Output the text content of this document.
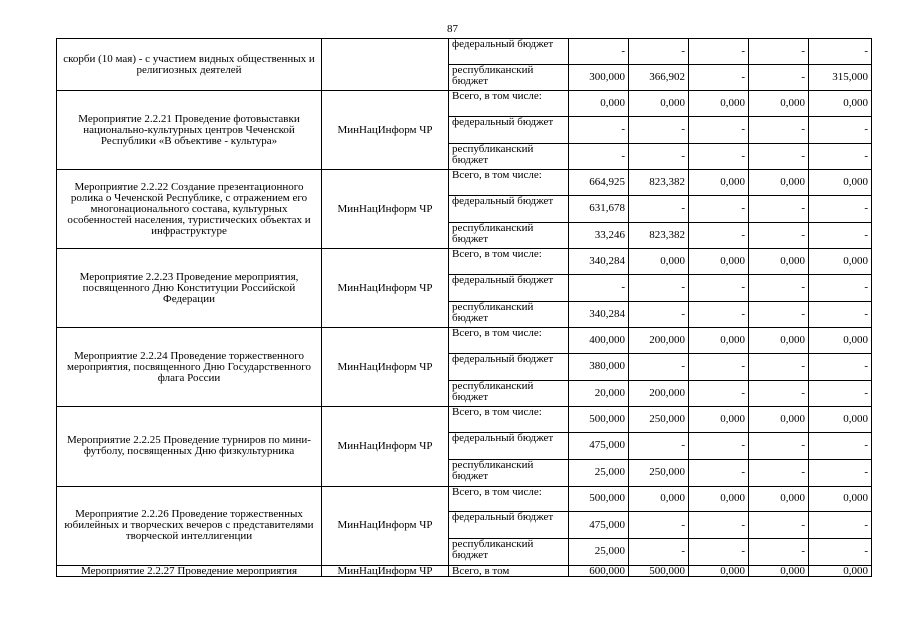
87
скорби (10 мая) - с участием видных общественных и религиозных деятелей		федеральный бюджет	-	-	-	-	-
		республиканский бюджет	300,000	366,902	-	-	315,000
Мероприятие 2.2.21 Проведение фотовыставки национально-культурных центров Чеченской Республики «В объективе - культура»	МинНацИнформ ЧР	Всего, в том числе:	0,000	0,000	0,000	0,000	0,000
		федеральный бюджет	-	-	-	-	-
		республиканский бюджет	-	-	-	-	-
Мероприятие 2.2.22 Создание презентационного ролика о Чеченской Республике, с отражением его многонационального состава, культурных особенностей населения, туристических объектах и инфраструктуре	МинНацИнформ ЧР	Всего, в том числе:	664,925	823,382	0,000	0,000	0,000
		федеральный бюджет	631,678	-	-	-	-
		республиканский бюджет	33,246	823,382	-	-	-
Мероприятие 2.2.23 Проведение мероприятия, посвященного Дню Конституции Российской Федерации	МинНацИнформ ЧР	Всего, в том числе:	340,284	0,000	0,000	0,000	0,000
		федеральный бюджет	-	-	-	-	-
		республиканский бюджет	340,284	-	-	-	-
Мероприятие 2.2.24 Проведение торжественного мероприятия, посвященного Дню Государственного флага России	МинНацИнформ ЧР	Всего, в том числе:	400,000	200,000	0,000	0,000	0,000
		федеральный бюджет	380,000	-	-	-	-
		республиканский бюджет	20,000	200,000	-	-	-
Мероприятие 2.2.25 Проведение турниров по мини-футболу, посвященных Дню физкультурника	МинНацИнформ ЧР	Всего, в том числе:	500,000	250,000	0,000	0,000	0,000
		федеральный бюджет	475,000	-	-	-	-
		республиканский бюджет	25,000	250,000	-	-	-
Мероприятие 2.2.26 Проведение торжественных юбилейных и творческих вечеров с представителями творческой интеллигенции	МинНацИнформ ЧР	Всего, в том числе:	500,000	0,000	0,000	0,000	0,000
		федеральный бюджет	475,000	-	-	-	-
		республиканский бюджет	25,000	-	-	-	-
Мероприятие 2.2.27 Проведение мероприятия	МинНацИнформ ЧР	Всего, в том	600,000	500,000	0,000	0,000	0,000
